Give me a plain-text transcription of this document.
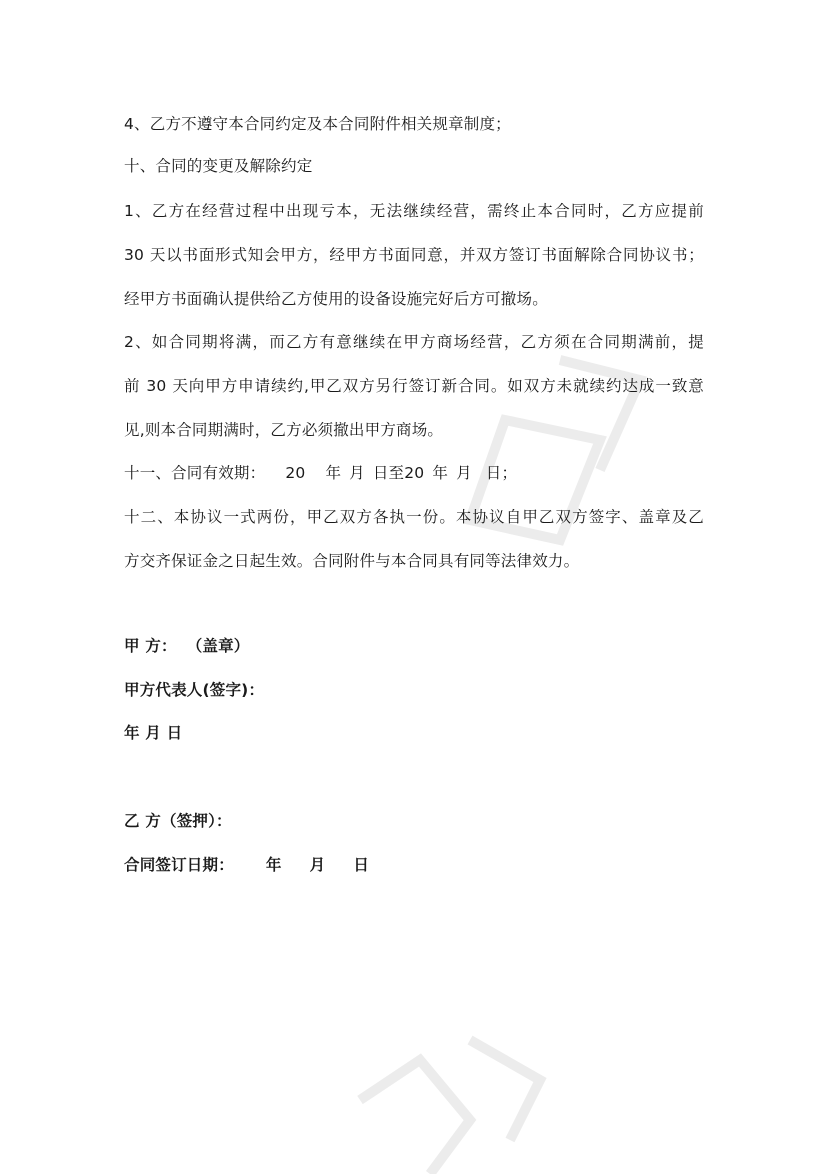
4、乙方不遵守本合同约定及本合同附件相关规章制度；
十、合同的变更及解除约定
1、乙方在经营过程中出现亏本，无法继续经营，需终止本合同时，乙方应提前
30 天以书面形式知会甲方，经甲方书面同意，并双方签订书面解除合同协议书；
经甲方书面确认提供给乙方使用的设备设施完好后方可撤场。
2、如合同期将满，而乙方有意继续在甲方商场经营，乙方须在合同期满前，提
前 30 天向甲方申请续约,甲乙双方另行签订新合同。如双方未就续约达成一致意
见,则本合同期满时，乙方必须撤出甲方商场。
十一、合同有效期： 20 年 月 日至20 年 月 日；
十二、本协议一式两份，甲乙双方各执一份。本协议自甲乙双方签字、盖章及乙
方交齐保证金之日起生效。合同附件与本合同具有同等法律效力。
甲 方： （盖章）
甲方代表人(签字)：
年 月 日
乙 方（签押）：
合同签订日期： 年 月 日
